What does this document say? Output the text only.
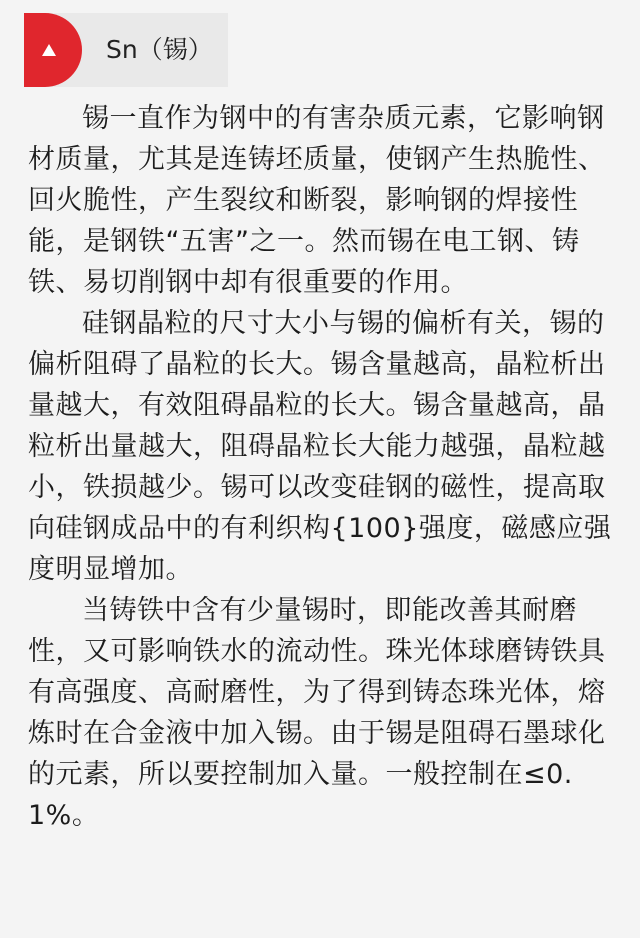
Sn（锡）

锡一直作为钢中的有害杂质元素，它影响钢材质量，尤其是连铸坯质量，使钢产生热脆性、回火脆性，产生裂纹和断裂，影响钢的焊接性能，是钢铁“五害”之一。然而锡在电工钢、铸铁、易切削钢中却有很重要的作用。

硅钢晶粒的尺寸大小与锡的偏析有关，锡的偏析阻碍了晶粒的长大。锡含量越高，晶粒析出量越大，有效阻碍晶粒的长大。锡含量越高，晶粒析出量越大，阻碍晶粒长大能力越强，晶粒越小，铁损越少。锡可以改变硅钢的磁性，提高取向硅钢成品中的有利织构{100}强度，磁感应强度明显增加。

当铸铁中含有少量锡时，即能改善其耐磨性，又可影响铁水的流动性。珠光体球磨铸铁具有高强度、高耐磨性，为了得到铸态珠光体，熔炼时在合金液中加入锡。由于锡是阻碍石墨球化的元素，所以要控制加入量。一般控制在≤0.1%。
